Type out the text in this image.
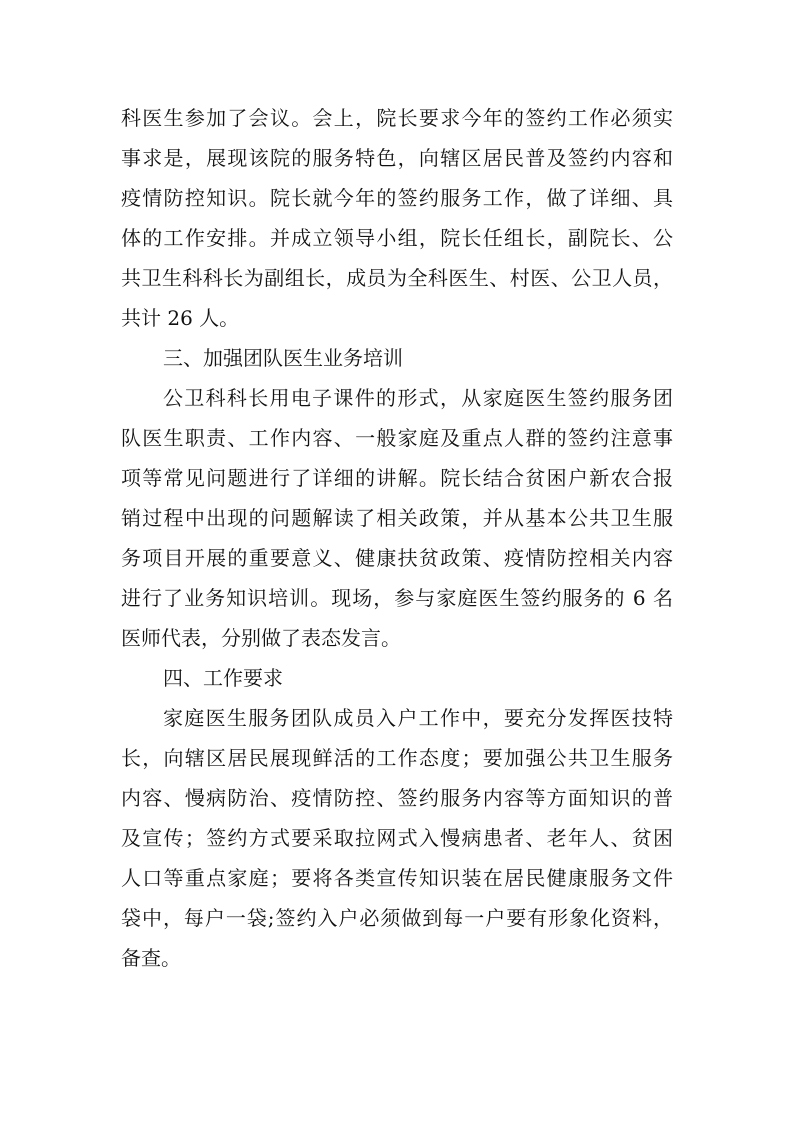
科医生参加了会议。会上，院长要求今年的签约工作必须实
事求是，展现该院的服务特色，向辖区居民普及签约内容和
疫情防控知识。院长就今年的签约服务工作，做了详细、具
体的工作安排。并成立领导小组，院长任组长，副院长、公
共卫生科科长为副组长，成员为全科医生、村医、公卫人员，
共计 26 人。
三、加强团队医生业务培训
公卫科科长用电子课件的形式，从家庭医生签约服务团
队医生职责、工作内容、一般家庭及重点人群的签约注意事
项等常见问题进行了详细的讲解。院长结合贫困户新农合报
销过程中出现的问题解读了相关政策，并从基本公共卫生服
务项目开展的重要意义、健康扶贫政策、疫情防控相关内容
进行了业务知识培训。现场，参与家庭医生签约服务的 6 名
医师代表，分别做了表态发言。
四、工作要求
家庭医生服务团队成员入户工作中，要充分发挥医技特
长，向辖区居民展现鲜活的工作态度；要加强公共卫生服务
内容、慢病防治、疫情防控、签约服务内容等方面知识的普
及宣传；签约方式要采取拉网式入慢病患者、老年人、贫困
人口等重点家庭；要将各类宣传知识装在居民健康服务文件
袋中，每户一袋;签约入户必须做到每一户要有形象化资料，
备查。
